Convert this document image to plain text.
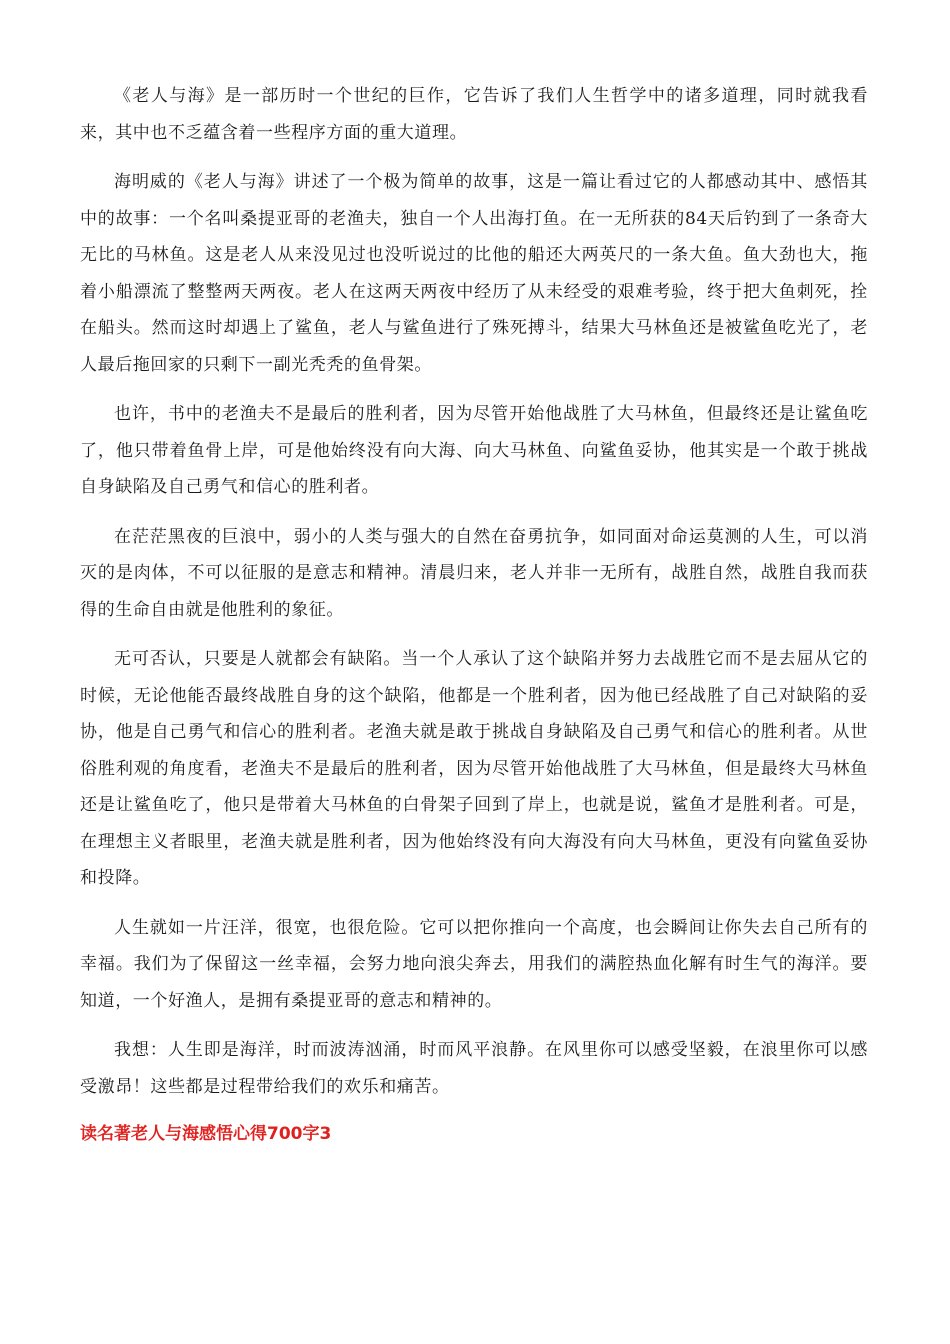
《老人与海》是一部历时一个世纪的巨作，它告诉了我们人生哲学中的诸多道理，同时就我看来，其中也不乏蕴含着一些程序方面的重大道理。

海明威的《老人与海》讲述了一个极为简单的故事，这是一篇让看过它的人都感动其中、感悟其中的故事：一个名叫桑提亚哥的老渔夫，独自一个人出海打鱼。在一无所获的84天后钓到了一条奇大无比的马林鱼。这是老人从来没见过也没听说过的比他的船还大两英尺的一条大鱼。鱼大劲也大，拖着小船漂流了整整两天两夜。老人在这两天两夜中经历了从未经受的艰难考验，终于把大鱼刺死，拴在船头。然而这时却遇上了鲨鱼，老人与鲨鱼进行了殊死搏斗，结果大马林鱼还是被鲨鱼吃光了，老人最后拖回家的只剩下一副光秃秃的鱼骨架。

也许，书中的老渔夫不是最后的胜利者，因为尽管开始他战胜了大马林鱼，但最终还是让鲨鱼吃了，他只带着鱼骨上岸，可是他始终没有向大海、向大马林鱼、向鲨鱼妥协，他其实是一个敢于挑战自身缺陷及自己勇气和信心的胜利者。

在茫茫黑夜的巨浪中，弱小的人类与强大的自然在奋勇抗争，如同面对命运莫测的人生，可以消灭的是肉体，不可以征服的是意志和精神。清晨归来，老人并非一无所有，战胜自然，战胜自我而获得的生命自由就是他胜利的象征。

无可否认，只要是人就都会有缺陷。当一个人承认了这个缺陷并努力去战胜它而不是去屈从它的时候，无论他能否最终战胜自身的这个缺陷，他都是一个胜利者，因为他已经战胜了自己对缺陷的妥协，他是自己勇气和信心的胜利者。老渔夫就是敢于挑战自身缺陷及自己勇气和信心的胜利者。从世俗胜利观的角度看，老渔夫不是最后的胜利者，因为尽管开始他战胜了大马林鱼，但是最终大马林鱼还是让鲨鱼吃了，他只是带着大马林鱼的白骨架子回到了岸上，也就是说，鲨鱼才是胜利者。可是，在理想主义者眼里，老渔夫就是胜利者，因为他始终没有向大海没有向大马林鱼，更没有向鲨鱼妥协和投降。

人生就如一片汪洋，很宽，也很危险。它可以把你推向一个高度，也会瞬间让你失去自己所有的幸福。我们为了保留这一丝幸福，会努力地向浪尖奔去，用我们的满腔热血化解有时生气的海洋。要知道，一个好渔人，是拥有桑提亚哥的意志和精神的。

我想：人生即是海洋，时而波涛汹涌，时而风平浪静。在风里你可以感受坚毅，在浪里你可以感受激昂！这些都是过程带给我们的欢乐和痛苦。

读名著老人与海感悟心得700字3
